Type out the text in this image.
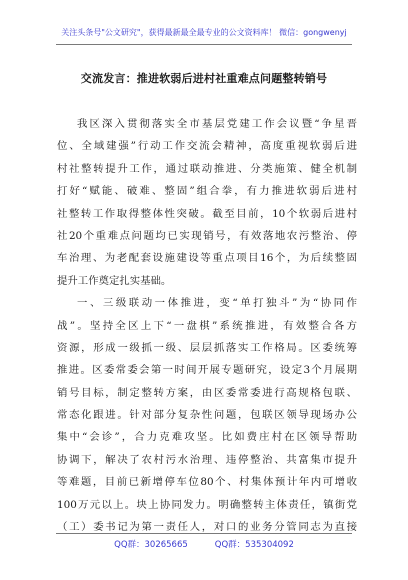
关注头条号"公文研究"，获得最新最全最专业的公文资料库！ 微信：gongwenyj
交流发言：推进软弱后进村社重难点问题整转销号
我区深入贯彻落实全市基层党建工作会议暨“争星晋
位、全域建强”行动工作交流会精神，高度重视软弱后进
村社整转提升工作，通过联动推进、分类施策、健全机制
打好“赋能、破难、整固”组合拳，有力推进软弱后进村
社整转工作取得整体性突破。截至目前，10个软弱后进村
社20个重难点问题均已实现销号，有效落地农污整治、停
车治理、为老配套设施建设等重点项目16个，为后续整固
提升工作奠定扎实基础。
一、三级联动一体推进，变“单打独斗”为“协同作
战”。坚持全区上下“一盘棋”系统推进，有效整合各方
资源，形成一级抓一级、层层抓落实工作格局。区委统筹
推进。区委常委会第一时间开展专题研究，设定3个月展期
销号目标，制定整转方案，由区委常委进行高规格包联、
常态化跟进。针对部分复杂性问题，包联区领导现场办公
集中“会诊”，合力克难攻坚。比如费庄村在区领导帮助
协调下，解决了农村污水治理、违停整治、共富集市提升
等难题，目前已新增停车位80个、村集体预计年内可增收
100万元以上。块上协同发力。明确整转主体责任，镇街党
（工）委书记为第一责任人，对口的业务分管同志为直接
QQ群：30265665          QQ群：535304092
